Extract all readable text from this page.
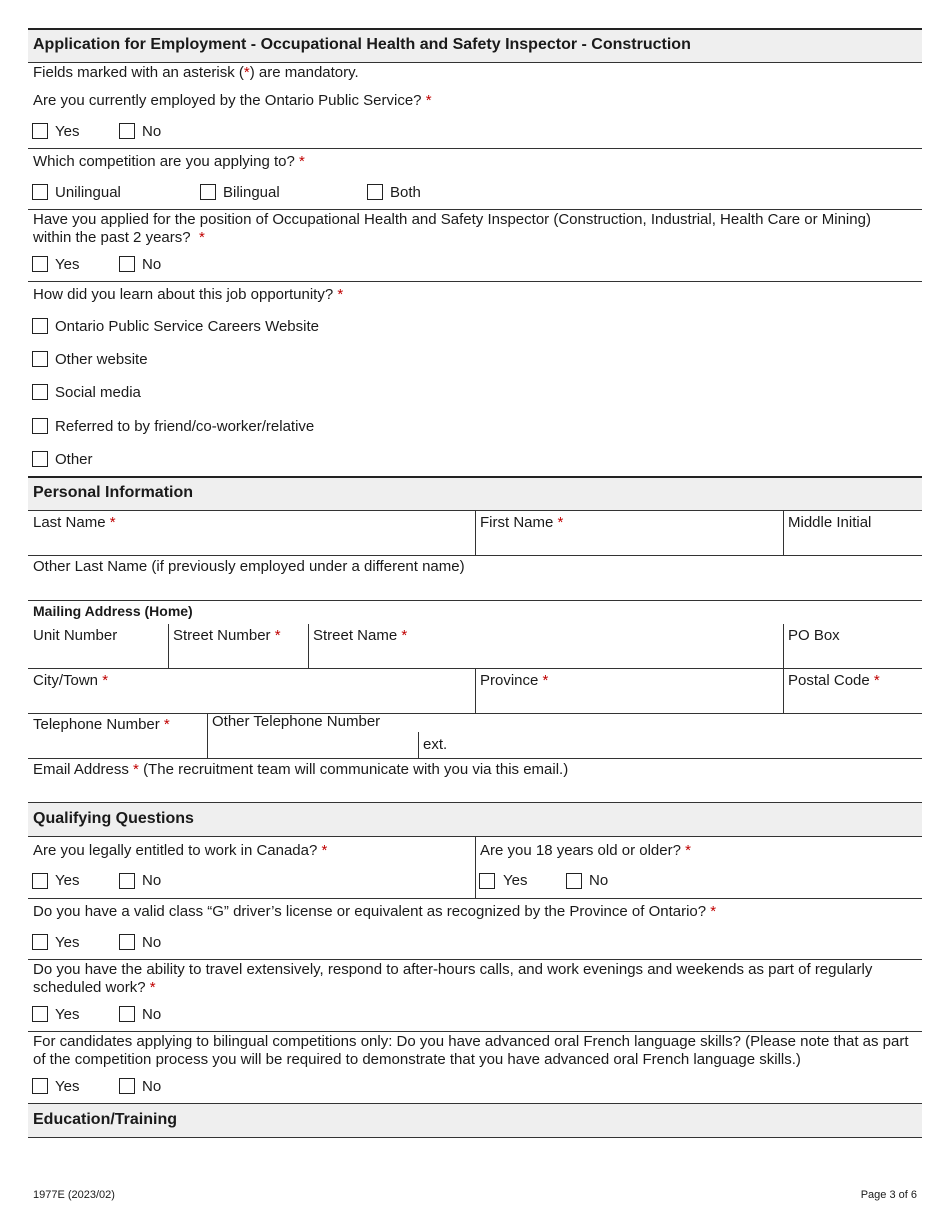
Application for Employment - Occupational Health and Safety Inspector - Construction
Fields marked with an asterisk (*) are mandatory.
Are you currently employed by the Ontario Public Service? *
Yes	No
Which competition are you applying to? *
Unilingual	Bilingual	Both
Have you applied for the position of Occupational Health and Safety Inspector (Construction, Industrial, Health Care or Mining) within the past 2 years? *
Yes	No
How did you learn about this job opportunity? *
Ontario Public Service Careers Website
Other website
Social media
Referred to by friend/co-worker/relative
Other
Personal Information
Last Name *	First Name *	Middle Initial
Other Last Name (if previously employed under a different name)
Mailing Address (Home)
Unit Number	Street Number * Street Name *	PO Box
City/Town *	Province *	Postal Code *
Telephone Number *	Other Telephone Number
ext.
Email Address * (The recruitment team will communicate with you via this email.)
Qualifying Questions
Are you legally entitled to work in Canada? *	Are you 18 years old or older? *
Yes	No	Yes	No
Do you have a valid class “G” driver’s license or equivalent as recognized by the Province of Ontario? *
Yes	No
Do you have the ability to travel extensively, respond to after-hours calls, and work evenings and weekends as part of regularly scheduled work? *
Yes	No
For candidates applying to bilingual competitions only: Do you have advanced oral French language skills? (Please note that as part of the competition process you will be required to demonstrate that you have advanced oral French language skills.)
Yes	No
Education/Training
1977E (2023/02)	Page 3 of 6
